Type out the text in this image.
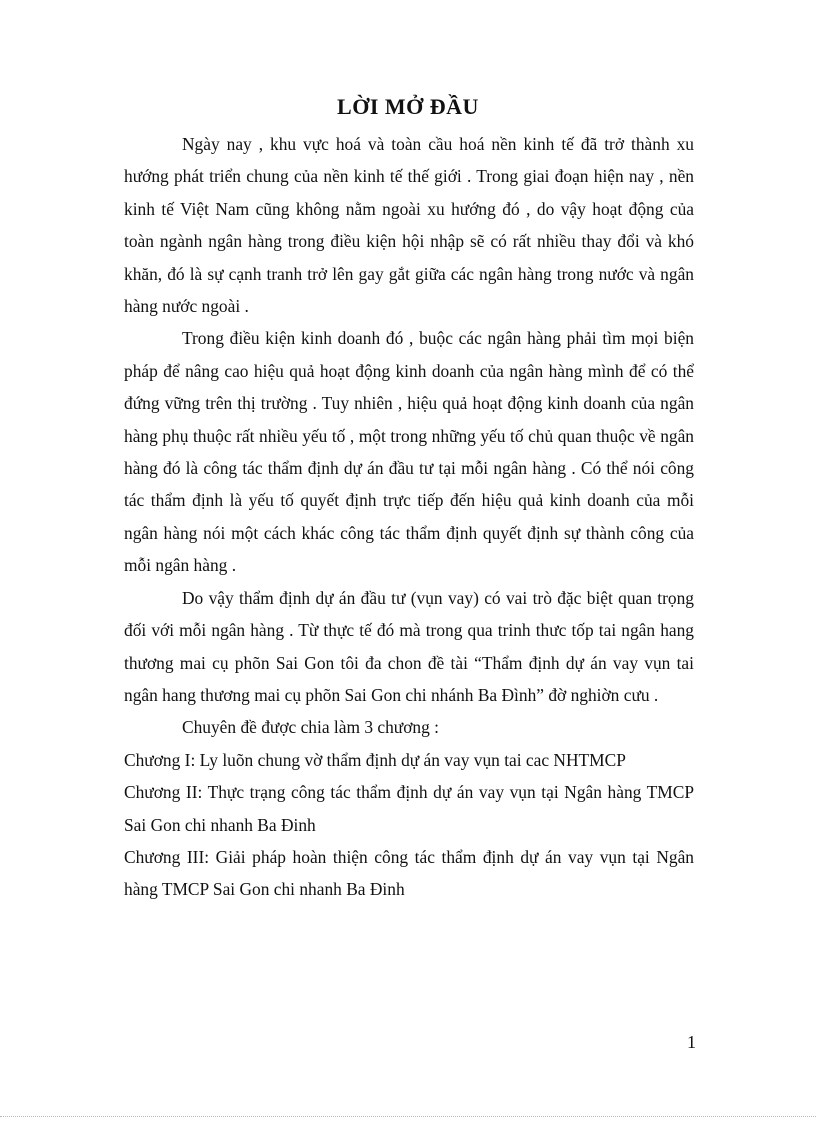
LỜI MỞ ĐẦU

Ngày nay , khu vực hoá và toàn cầu hoá nền kinh tế đã trở thành xu hướng phát triển chung của nền kinh tế thế giới . Trong giai đoạn hiện nay , nền kinh tế Việt Nam cũng không nằm ngoài xu hướng đó , do vậy hoạt động của toàn ngành ngân hàng trong điều kiện hội nhập sẽ có rất nhiều thay đổi và khó khăn, đó là sự cạnh tranh trở lên gay gắt giữa các ngân hàng trong nước và ngân hàng nước ngoài .

Trong điều kiện kinh doanh đó , buộc các ngân hàng phải tìm mọi biện pháp để nâng cao hiệu quả hoạt động kinh doanh của ngân hàng mình để có thể đứng vững trên thị trường . Tuy nhiên , hiệu quả hoạt động kinh doanh của ngân hàng phụ thuộc rất nhiều yếu tố , một trong những yếu tố chủ quan thuộc về ngân hàng đó là công tác thẩm định dự án đầu tư tại mỗi ngân hàng . Có thể nói công tác thẩm định là yếu tố quyết định trực tiếp đến hiệu quả kinh doanh của mỗi ngân hàng nói một cách khác công tác thẩm định quyết định sự thành công của mỗi ngân hàng .

Do vậy thẩm định dự án đầu tư (vụn vay) có vai trò đặc biệt quan trọng đối với mỗi ngân hàng . Từ thực tế đó mà trong qua trinh thưc tốp tai ngân hang thương mai cụ phõn Sai Gon tôi đa chon đề tài “Thẩm định dự án vay vụn tai ngân hang thương mai cụ phõn Sai Gon chi nhánh Ba Đình” đờ nghiờn cưu .

Chuyên đề được chia làm 3 chương :

Chương I: Ly luõn chung vờ thẩm định dự án vay vụn tai cac NHTMCP

Chương II: Thực trạng công tác thẩm định dự án vay vụn tại Ngân hàng TMCP Sai Gon chi nhanh Ba Đinh

Chương III: Giải pháp hoàn thiện công tác thẩm định dự án vay vụn tại Ngân hàng TMCP Sai Gon chi nhanh Ba Đinh

1
